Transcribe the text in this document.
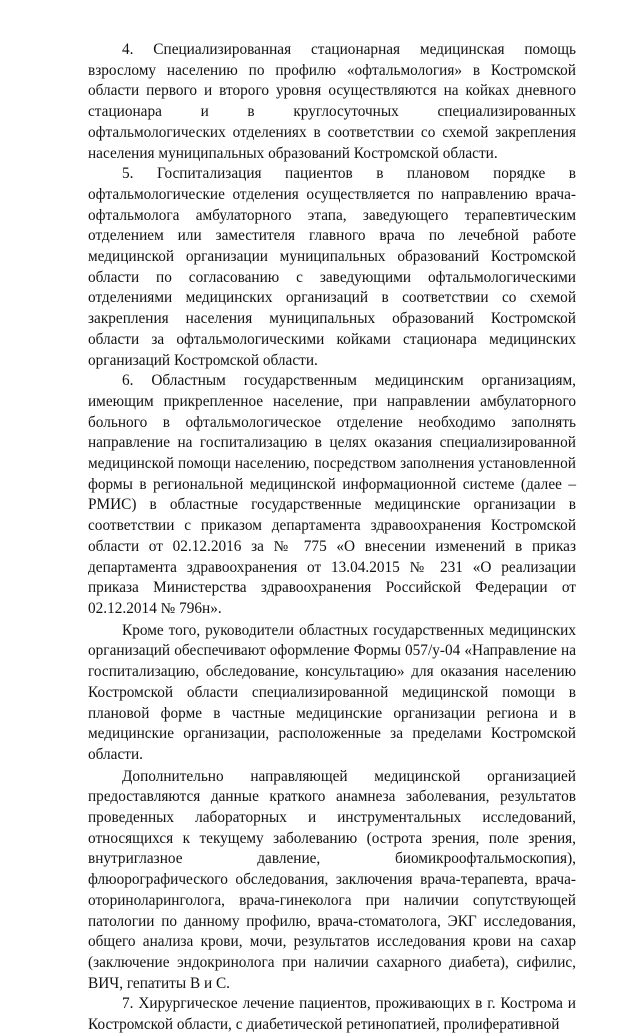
4. Специализированная стационарная медицинская помощь взрослому населению по профилю «офтальмология» в Костромской области первого и второго уровня осуществляются на койках дневного стационара и в круглосуточных специализированных офтальмологических отделениях в соответствии со схемой закрепления населения муниципальных образований Костромской области.

5. Госпитализация пациентов в плановом порядке в офтальмологические отделения осуществляется по направлению врача-офтальмолога амбулаторного этапа, заведующего терапевтическим отделением или заместителя главного врача по лечебной работе медицинской организации муниципальных образований Костромской области по согласованию с заведующими офтальмологическими отделениями медицинских организаций в соответствии со схемой закрепления населения муниципальных образований Костромской области за офтальмологическими койками стационара медицинских организаций Костромской области.

6. Областным государственным медицинским организациям, имеющим прикрепленное население, при направлении амбулаторного больного в офтальмологическое отделение необходимо заполнять направление на госпитализацию в целях оказания специализированной медицинской помощи населению, посредством заполнения установленной формы в региональной медицинской информационной системе (далее – РМИС) в областные государственные медицинские организации в соответствии с приказом департамента здравоохранения Костромской области от 02.12.2016 за № 775 «О внесении изменений в приказ департамента здравоохранения от 13.04.2015 № 231 «О реализации приказа Министерства здравоохранения Российской Федерации от 02.12.2014 № 796н».

Кроме того, руководители областных государственных медицинских организаций обеспечивают оформление Формы 057/у-04 «Направление на госпитализацию, обследование, консультацию» для оказания населению Костромской области специализированной медицинской помощи в плановой форме в частные медицинские организации региона и в медицинские организации, расположенные за пределами Костромской области.

Дополнительно направляющей медицинской организацией предоставляются данные краткого анамнеза заболевания, результатов проведенных лабораторных и инструментальных исследований, относящихся к текущему заболеванию (острота зрения, поле зрения, внутриглазное давление, биомикроофтальмоскопия), флюорографического обследования, заключения врача-терапевта, врача-оториноларинголога, врача-гинеколога при наличии сопутствующей патологии по данному профилю, врача-стоматолога, ЭКГ исследования, общего анализа крови, мочи, результатов исследования крови на сахар (заключение эндокринолога при наличии сахарного диабета), сифилис, ВИЧ, гепатиты В и С.

7. Хирургическое лечение пациентов, проживающих в г. Кострома и Костромской области, с диабетической ретинопатией, пролиферативной
